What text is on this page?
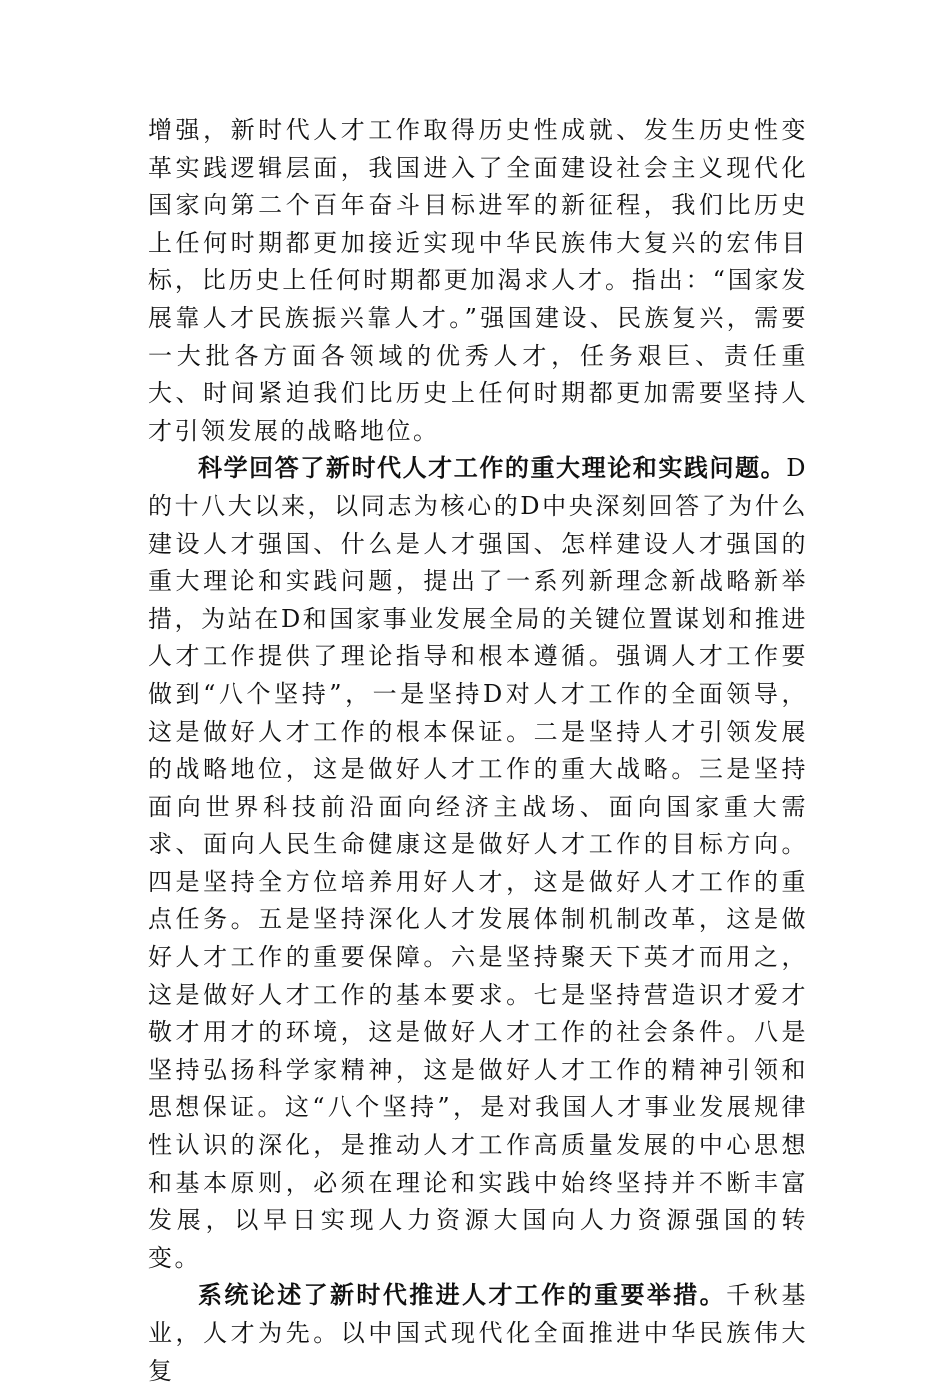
增强，新时代人才工作取得历史性成就、发生历史性变革实践逻辑层面，我国进入了全面建设社会主义现代化国家向第二个百年奋斗目标进军的新征程，我们比历史上任何时期都更加接近实现中华民族伟大复兴的宏伟目标，比历史上任何时期都更加渴求人才。指出：“国家发展靠人才民族振兴靠人才。”强国建设、民族复兴，需要一大批各方面各领域的优秀人才，任务艰巨、责任重大、时间紧迫我们比历史上任何时期都更加需要坚持人才引领发展的战略地位。

科学回答了新时代人才工作的重大理论和实践问题。D的十八大以来，以同志为核心的D中央深刻回答了为什么建设人才强国、什么是人才强国、怎样建设人才强国的重大理论和实践问题，提出了一系列新理念新战略新举措，为站在D和国家事业发展全局的关键位置谋划和推进人才工作提供了理论指导和根本遵循。强调人才工作要做到“八个坚持”，一是坚持D对人才工作的全面领导，这是做好人才工作的根本保证。二是坚持人才引领发展的战略地位，这是做好人才工作的重大战略。三是坚持面向世界科技前沿面向经济主战场、面向国家重大需求、面向人民生命健康这是做好人才工作的目标方向。四是坚持全方位培养用好人才，这是做好人才工作的重点任务。五是坚持深化人才发展体制机制改革，这是做好人才工作的重要保障。六是坚持聚天下英才而用之，这是做好人才工作的基本要求。七是坚持营造识才爱才敬才用才的环境，这是做好人才工作的社会条件。八是坚持弘扬科学家精神，这是做好人才工作的精神引领和思想保证。这“八个坚持”，是对我国人才事业发展规律性认识的深化，是推动人才工作高质量发展的中心思想和基本原则，必须在理论和实践中始终坚持并不断丰富发展，以早日实现人力资源大国向人力资源强国的转变。

系统论述了新时代推进人才工作的重要举措。千秋基业，人才为先。以中国式现代化全面推进中华民族伟大复
